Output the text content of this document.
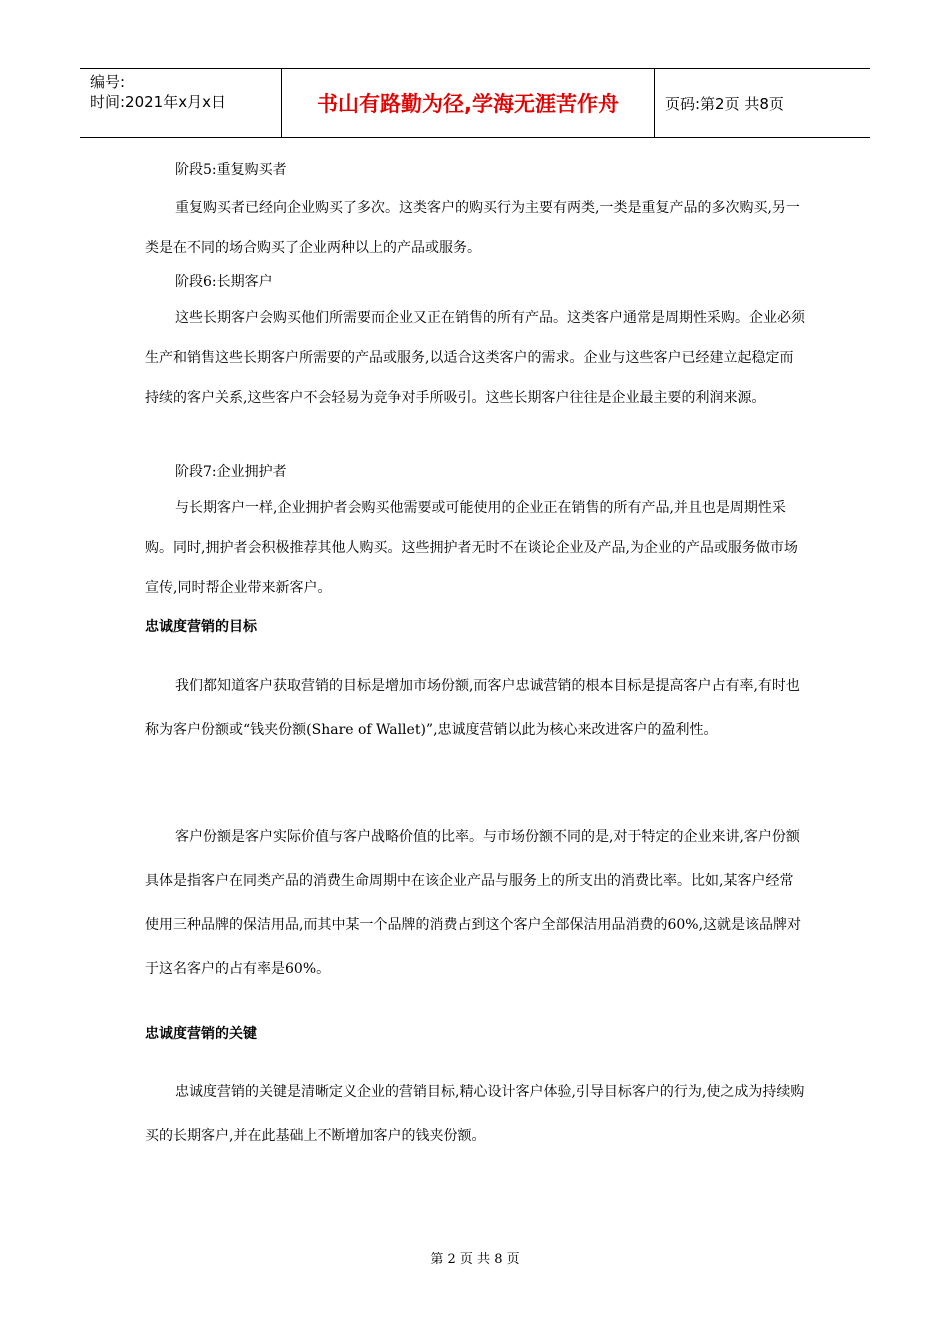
编号:
时间:2021年x月x日	书山有路勤为径,学海无涯苦作舟	页码:第2页 共8页

阶段5:重复购买者

重复购买者已经向企业购买了多次。这类客户的购买行为主要有两类,一类是重复产品的多次购买,另一类是在不同的场合购买了企业两种以上的产品或服务。

阶段6:长期客户

这些长期客户会购买他们所需要而企业又正在销售的所有产品。这类客户通常是周期性采购。企业必须生产和销售这些长期客户所需要的产品或服务,以适合这类客户的需求。企业与这些客户已经建立起稳定而持续的客户关系,这些客户不会轻易为竞争对手所吸引。这些长期客户往往是企业最主要的利润来源。

阶段7:企业拥护者

与长期客户一样,企业拥护者会购买他需要或可能使用的企业正在销售的所有产品,并且也是周期性采购。同时,拥护者会积极推荐其他人购买。这些拥护者无时不在谈论企业及产品,为企业的产品或服务做市场宣传,同时帮企业带来新客户。

忠诚度营销的目标

我们都知道客户获取营销的目标是增加市场份额,而客户忠诚营销的根本目标是提高客户占有率,有时也称为客户份额或“钱夹份额(Share of Wallet)”,忠诚度营销以此为核心来改进客户的盈利性。

客户份额是客户实际价值与客户战略价值的比率。与市场份额不同的是,对于特定的企业来讲,客户份额具体是指客户在同类产品的消费生命周期中在该企业产品与服务上的所支出的消费比率。比如,某客户经常使用三种品牌的保洁用品,而其中某一个品牌的消费占到这个客户全部保洁用品消费的60%,这就是该品牌对于这名客户的占有率是60%。

忠诚度营销的关键

忠诚度营销的关键是清晰定义企业的营销目标,精心设计客户体验,引导目标客户的行为,使之成为持续购买的长期客户,并在此基础上不断增加客户的钱夹份额。

第 2 页 共 8 页
